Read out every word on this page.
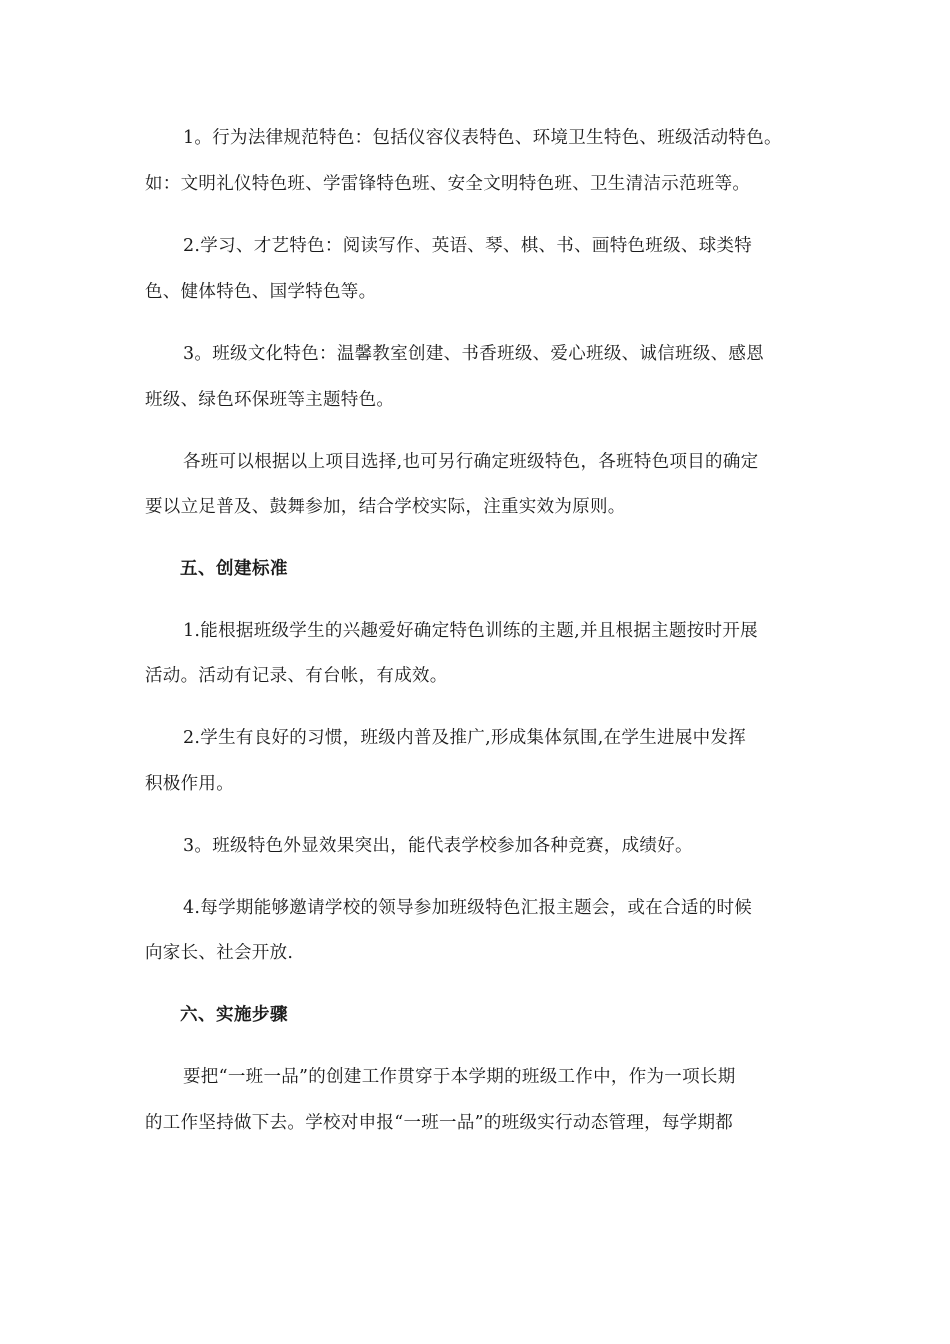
1。行为法律规范特色：包括仪容仪表特色、环境卫生特色、班级活动特色。
如：文明礼仪特色班、学雷锋特色班、安全文明特色班、卫生清洁示范班等。
2.学习、才艺特色：阅读写作、英语、琴、棋、书、画特色班级、球类特
色、健体特色、国学特色等。
3。班级文化特色：温馨教室创建、书香班级、爱心班级、诚信班级、感恩
班级、绿色环保班等主题特色。
各班可以根据以上项目选择,也可另行确定班级特色，各班特色项目的确定
要以立足普及、鼓舞参加，结合学校实际，注重实效为原则。
五、创建标准
1.能根据班级学生的兴趣爱好确定特色训练的主题,并且根据主题按时开展
活动。活动有记录、有台帐，有成效。
2.学生有良好的习惯，班级内普及推广,形成集体氛围,在学生进展中发挥
积极作用。
3。班级特色外显效果突出，能代表学校参加各种竞赛，成绩好。
4.每学期能够邀请学校的领导参加班级特色汇报主题会，或在合适的时候
向家长、社会开放.
六、实施步骤
要把“一班一品”的创建工作贯穿于本学期的班级工作中，作为一项长期
的工作坚持做下去。学校对申报“一班一品”的班级实行动态管理，每学期都
